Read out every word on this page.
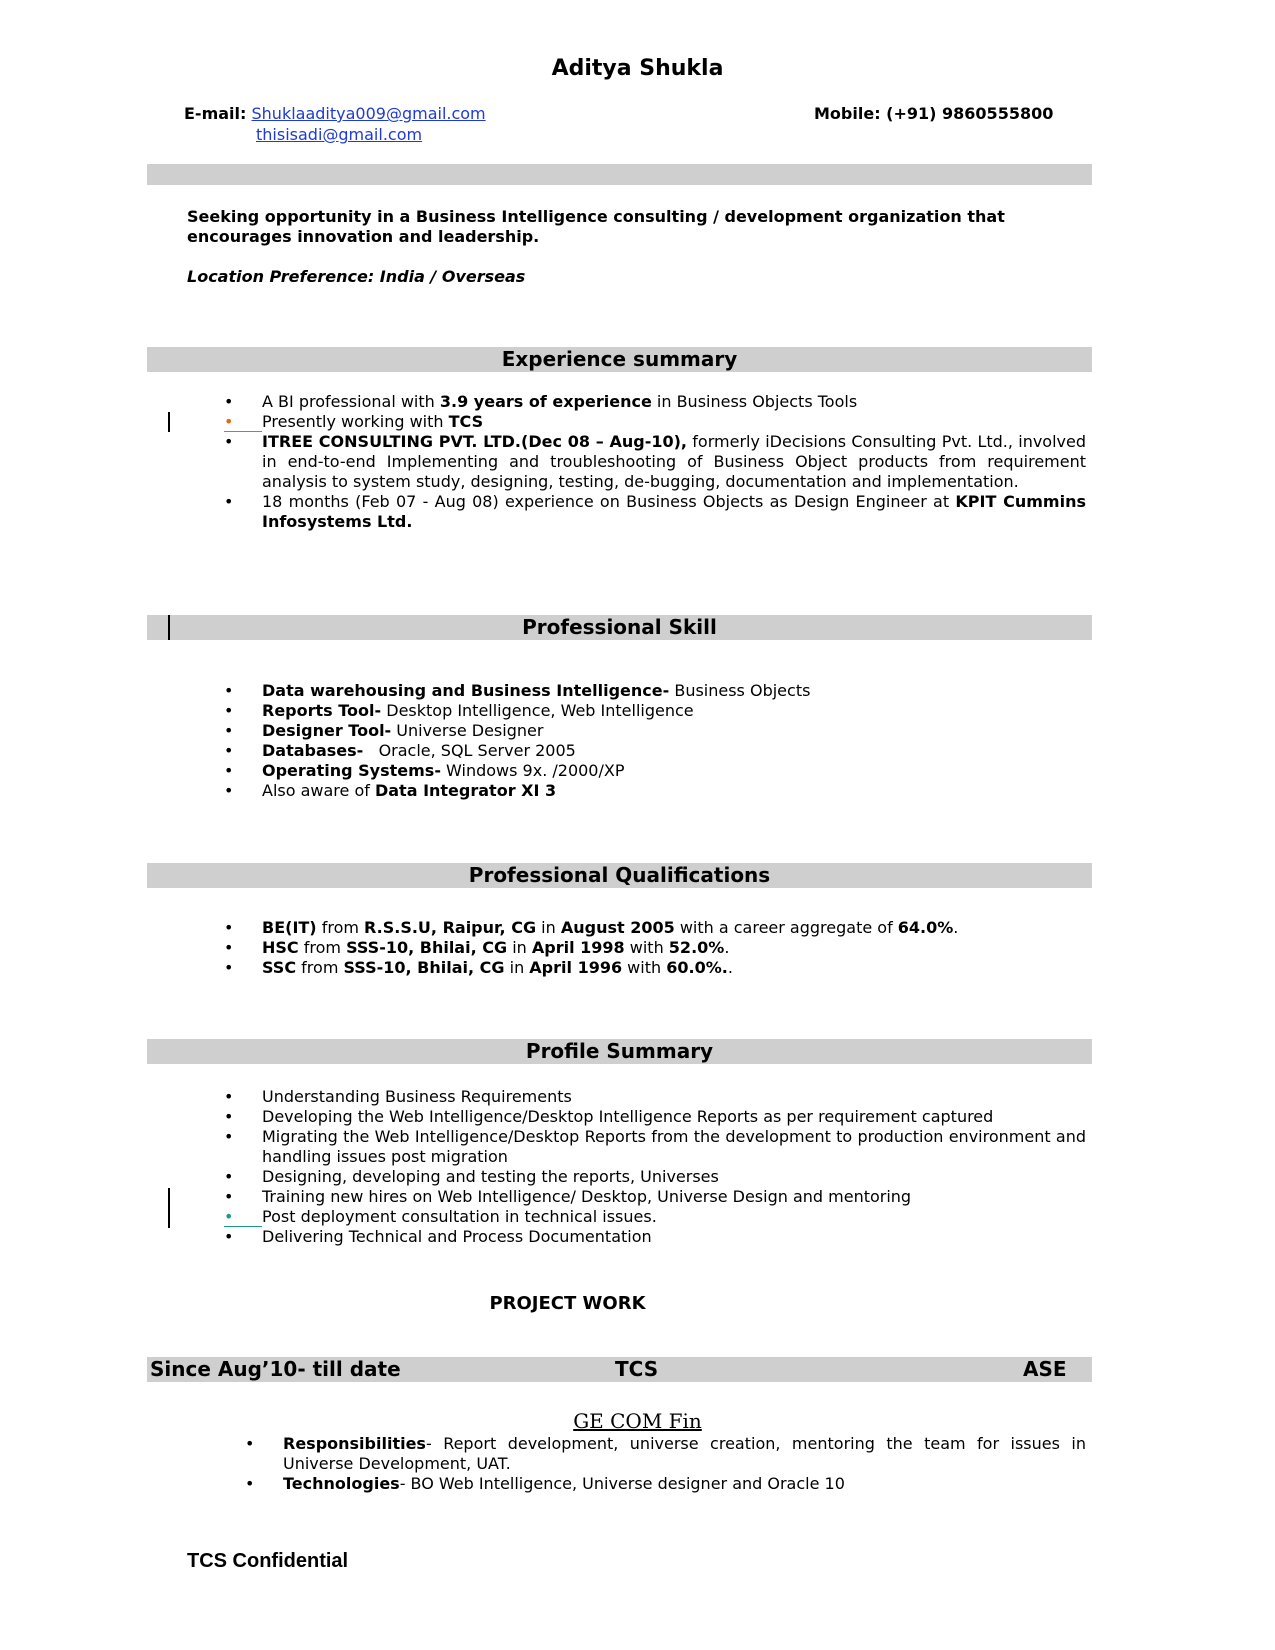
Aditya Shukla
E-mail: Shuklaaditya009@gmail.com
thisisadi@gmail.com
Mobile: (+91) 9860555800
Seeking opportunity in a Business Intelligence consulting / development organization that
encourages innovation and leadership.
Location Preference: India / Overseas
Experience summary
•	A BI professional with 3.9 years of experience in Business Objects Tools
•	Presently working with TCS
•	ITREE CONSULTING PVT. LTD.(Dec 08 – Aug-10), formerly iDecisions Consulting Pvt. Ltd., involved in end-to-end Implementing and troubleshooting of Business Object products from requirement analysis to system study, designing, testing, de-bugging, documentation and implementation.
•	18 months (Feb 07 - Aug 08) experience on Business Objects as Design Engineer at KPIT Cummins Infosystems Ltd.
Professional Skill
•	Data warehousing and Business Intelligence- Business Objects
•	Reports Tool- Desktop Intelligence, Web Intelligence
•	Designer Tool- Universe Designer
•	Databases-   Oracle, SQL Server 2005
•	Operating Systems- Windows 9x. /2000/XP
•	Also aware of Data Integrator XI 3
Professional Qualifications
•	BE(IT) from R.S.S.U, Raipur, CG in August 2005 with a career aggregate of 64.0%.
•	HSC from SSS-10, Bhilai, CG in April 1998 with 52.0%.
•	SSC from SSS-10, Bhilai, CG in April 1996 with 60.0%..
Profile Summary
•	Understanding Business Requirements
•	Developing the Web Intelligence/Desktop Intelligence Reports as per requirement captured
•	Migrating the Web Intelligence/Desktop Reports from the development to production environment and handling issues post migration
•	Designing, developing and testing the reports, Universes
•	Training new hires on Web Intelligence/ Desktop, Universe Design and mentoring
•	Post deployment consultation in technical issues.
•	Delivering Technical and Process Documentation
PROJECT WORK
Since Aug’10- till date	TCS	ASE
GE COM Fin
•	Responsibilities- Report development, universe creation, mentoring the team for issues in Universe Development, UAT.
•	Technologies- BO Web Intelligence, Universe designer and Oracle 10
TCS Confidential
